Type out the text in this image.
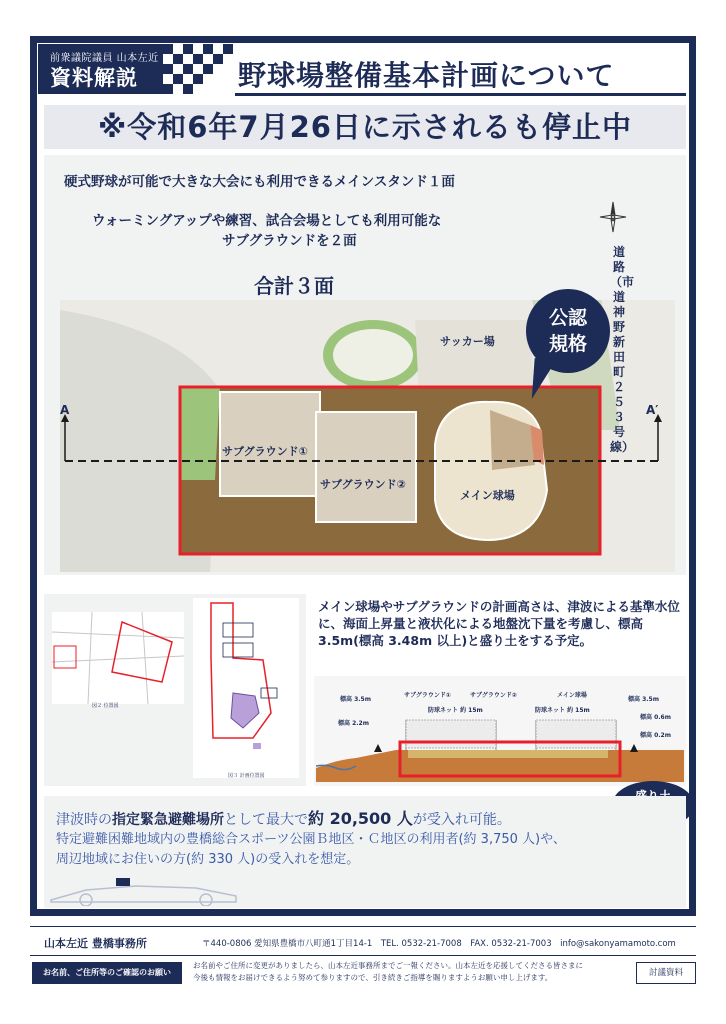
前衆議院議員 山本左近
資料解説	野球場整備基本計画について
※令和6年7月26日に示されるも停止中
硬式野球が可能で大きな大会にも利用できるメインスタンド１面
ウォーミングアップや練習、試合会場としても利用可能な
サブグラウンドを２面
合計３面
道路（市道 神野新田町２５３号線）
サッカー場
サブグラウンド①
サブグラウンド②
メイン球場
A	A′
公認
規格
図２ 位置図
図３ 計画位置図
メイン球場やサブグラウンドの計画高さは、津波による基準水位に、海面上昇量と液状化による地盤沈下量を考慮し、標高 3.5m(標高 3.48m 以上)と盛り土をする予定。
サブグラウンド①	サブグラウンド②	メイン球場
標高 3.5m
標高 2.2m
防球ネット 約 15m	防球ネット 約 15m
標高 3.5m
標高 0.6m
標高 0.2m
津波時の指定緊急避難場所として最大で約 20,500 人が受入れ可能。
特定避難困難地域内の豊橋総合スポーツ公園Ｂ地区・Ｃ地区の利用者(約 3,750 人)や、
周辺地域にお住いの方(約 330 人)の受入れを想定。
山本左近 豊橋事務所	〒440-0806 愛知県豊橋市八町通1丁目14-1　TEL. 0532-21-7008　FAX. 0532-21-7003　info@sakonyamamoto.com
お名前、ご住所等のご確認のお願い
お名前やご住所に変更がありましたら、山本左近事務所までご一報ください。山本左近を応援してくださる皆さまに
今後も情報をお届けできるよう努めて参りますので、引き続きご指導を賜りますようお願い申し上げます。	討議資料
